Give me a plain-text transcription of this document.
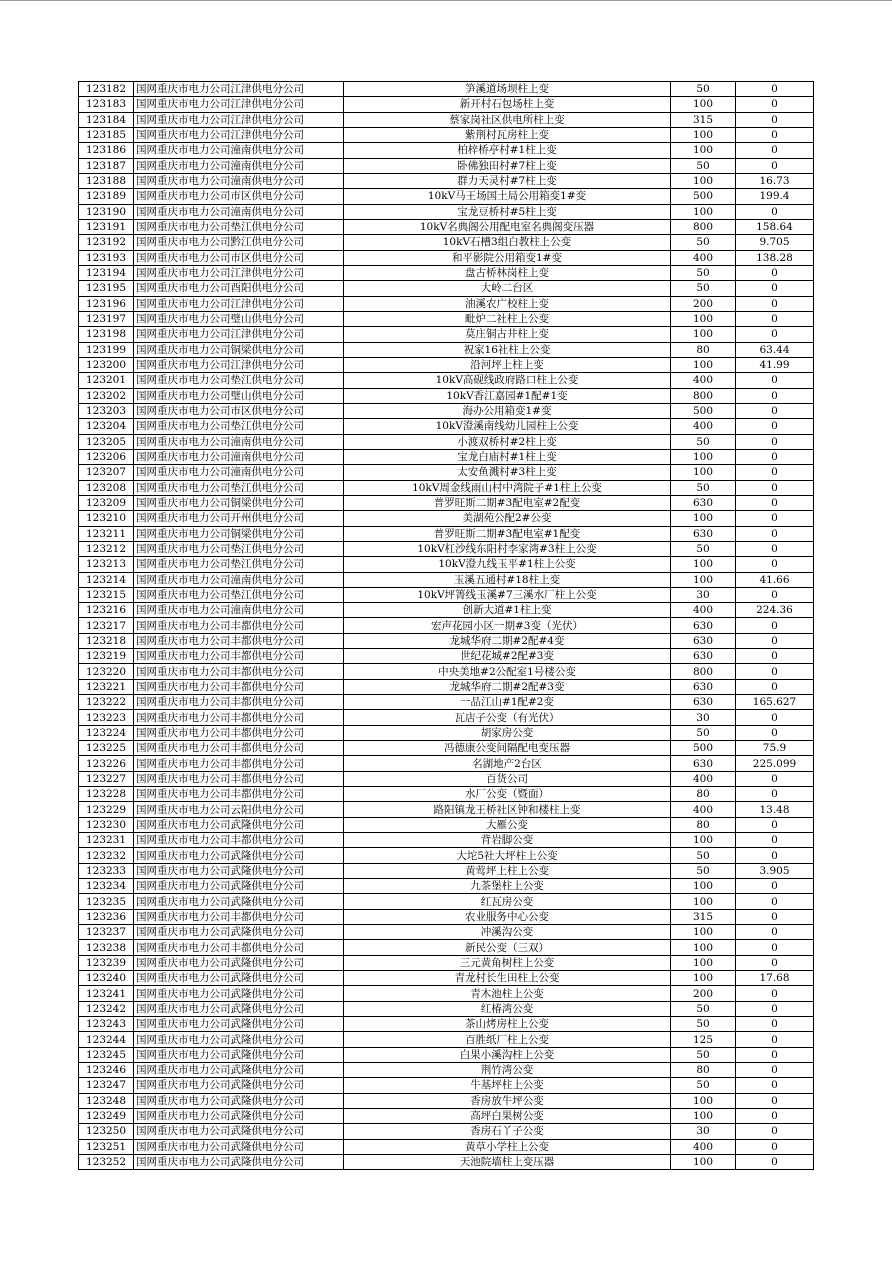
123182	国网重庆市电力公司江津供电分公司	笋溪道场坝柱上变	50	0
123183	国网重庆市电力公司江津供电分公司	新开村石包场柱上变	100	0
123184	国网重庆市电力公司江津供电分公司	蔡家岗社区供电所柱上变	315	0
123185	国网重庆市电力公司江津供电分公司	紫荆村瓦房柱上变	100	0
123186	国网重庆市电力公司潼南供电分公司	柏梓桥亭村#1柱上变	100	0
123187	国网重庆市电力公司潼南供电分公司	卧佛独田村#7柱上变	50	0
123188	国网重庆市电力公司潼南供电分公司	群力天灵村#7柱上变	100	16.73
123189	国网重庆市电力公司市区供电分公司	10kV马王场国土局公用箱变1#变	500	199.4
123190	国网重庆市电力公司潼南供电分公司	宝龙豆桥村#5柱上变	100	0
123191	国网重庆市电力公司垫江供电分公司	10kV名典阁公用配电室名典阁变压器	800	158.64
123192	国网重庆市电力公司黔江供电分公司	10kV石槽3组白教柱上公变	50	9.705
123193	国网重庆市电力公司市区供电分公司	和平影院公用箱变1#变	400	138.28
123194	国网重庆市电力公司江津供电分公司	盘古桥林岗柱上变	50	0
123195	国网重庆市电力公司酉阳供电分公司	大岭二台区	50	0
123196	国网重庆市电力公司江津供电分公司	油溪农广校柱上变	200	0
123197	国网重庆市电力公司璧山供电分公司	毗炉二社柱上公变	100	0
123198	国网重庆市电力公司江津供电分公司	莫庄铜古井柱上变	100	0
123199	国网重庆市电力公司铜梁供电分公司	祝家16社柱上公变	80	63.44
123200	国网重庆市电力公司江津供电分公司	沿河坪上柱上变	100	41.99
123201	国网重庆市电力公司垫江供电分公司	10kV高砚线政府路口柱上公变	400	0
123202	国网重庆市电力公司璧山供电分公司	10kV香江嘉园#1配#1变	800	0
123203	国网重庆市电力公司市区供电分公司	海办公用箱变1#变	500	0
123204	国网重庆市电力公司垫江供电分公司	10kV澄溪南线幼儿园柱上公变	400	0
123205	国网重庆市电力公司潼南供电分公司	小渡双桥村#2柱上变	50	0
123206	国网重庆市电力公司潼南供电分公司	宝龙白庙村#1柱上变	100	0
123207	国网重庆市电力公司潼南供电分公司	太安鱼溅村#3柱上变	100	0
123208	国网重庆市电力公司垫江供电分公司	10kV周金线雨山村中湾院子#1柱上公变	50	0
123209	国网重庆市电力公司铜梁供电分公司	普罗旺斯二期#3配电室#2配变	630	0
123210	国网重庆市电力公司开州供电分公司	美湖苑公配2#公变	100	0
123211	国网重庆市电力公司铜梁供电分公司	普罗旺斯二期#3配电室#1配变	630	0
123212	国网重庆市电力公司垫江供电分公司	10kV杠沙线东阳村李家湾#3柱上公变	50	0
123213	国网重庆市电力公司垫江供电分公司	10kV澄九线玉平#1柱上公变	100	0
123214	国网重庆市电力公司潼南供电分公司	玉溪五通村#18柱上变	100	41.66
123215	国网重庆市电力公司垫江供电分公司	10kV坪箐线玉溪#7三溪水厂柱上公变	30	0
123216	国网重庆市电力公司潼南供电分公司	创新大道#1柱上变	400	224.36
123217	国网重庆市电力公司丰都供电分公司	宏声花园小区一期#3变（光伏）	630	0
123218	国网重庆市电力公司丰都供电分公司	龙城华府二期#2配#4变	630	0
123219	国网重庆市电力公司丰都供电分公司	世纪花城#2配#3变	630	0
123220	国网重庆市电力公司丰都供电分公司	中央美地#2公配室1号楼公变	800	0
123221	国网重庆市电力公司丰都供电分公司	龙城华府二期#2配#3变	630	0
123222	国网重庆市电力公司丰都供电分公司	一品江山#1配#2变	630	165.627
123223	国网重庆市电力公司丰都供电分公司	瓦店子公变（有光伏）	30	0
123224	国网重庆市电力公司丰都供电分公司	胡家房公变	50	0
123225	国网重庆市电力公司丰都供电分公司	冯德康公变间隔配电变压器	500	75.9
123226	国网重庆市电力公司丰都供电分公司	名湖地产2台区	630	225.099
123227	国网重庆市电力公司丰都供电分公司	百货公司	400	0
123228	国网重庆市电力公司丰都供电分公司	水厂公变（暨面）	80	0
123229	国网重庆市电力公司云阳供电分公司	路阳镇龙王桥社区钟和楼柱上变	400	13.48
123230	国网重庆市电力公司武隆供电分公司	大雁公变	80	0
123231	国网重庆市电力公司丰都供电分公司	背岩脚公变	100	0
123232	国网重庆市电力公司武隆供电分公司	大坨5社大坪柱上公变	50	0
123233	国网重庆市电力公司武隆供电分公司	黄莺坪上柱上公变	50	3.905
123234	国网重庆市电力公司武隆供电分公司	九茶堡柱上公变	100	0
123235	国网重庆市电力公司武隆供电分公司	红瓦房公变	100	0
123236	国网重庆市电力公司丰都供电分公司	农业服务中心公变	315	0
123237	国网重庆市电力公司武隆供电分公司	冲溪沟公变	100	0
123238	国网重庆市电力公司丰都供电分公司	新民公变（三双）	100	0
123239	国网重庆市电力公司武隆供电分公司	三元黄角树柱上公变	100	0
123240	国网重庆市电力公司武隆供电分公司	青龙村长生田柱上公变	100	17.68
123241	国网重庆市电力公司武隆供电分公司	青木池柱上公变	200	0
123242	国网重庆市电力公司武隆供电分公司	红椿湾公变	50	0
123243	国网重庆市电力公司武隆供电分公司	茶山烤房柱上公变	50	0
123244	国网重庆市电力公司武隆供电分公司	百胜纸厂柱上公变	125	0
123245	国网重庆市电力公司武隆供电分公司	白果小溪沟柱上公变	50	0
123246	国网重庆市电力公司武隆供电分公司	荆竹湾公变	80	0
123247	国网重庆市电力公司武隆供电分公司	牛基坪柱上公变	50	0
123248	国网重庆市电力公司武隆供电分公司	香房放牛坪公变	100	0
123249	国网重庆市电力公司武隆供电分公司	高坪白果树公变	100	0
123250	国网重庆市电力公司武隆供电分公司	香房石丫子公变	30	0
123251	国网重庆市电力公司武隆供电分公司	黄草小学柱上公变	400	0
123252	国网重庆市电力公司武隆供电分公司	天池院墙柱上变压器	100	0
